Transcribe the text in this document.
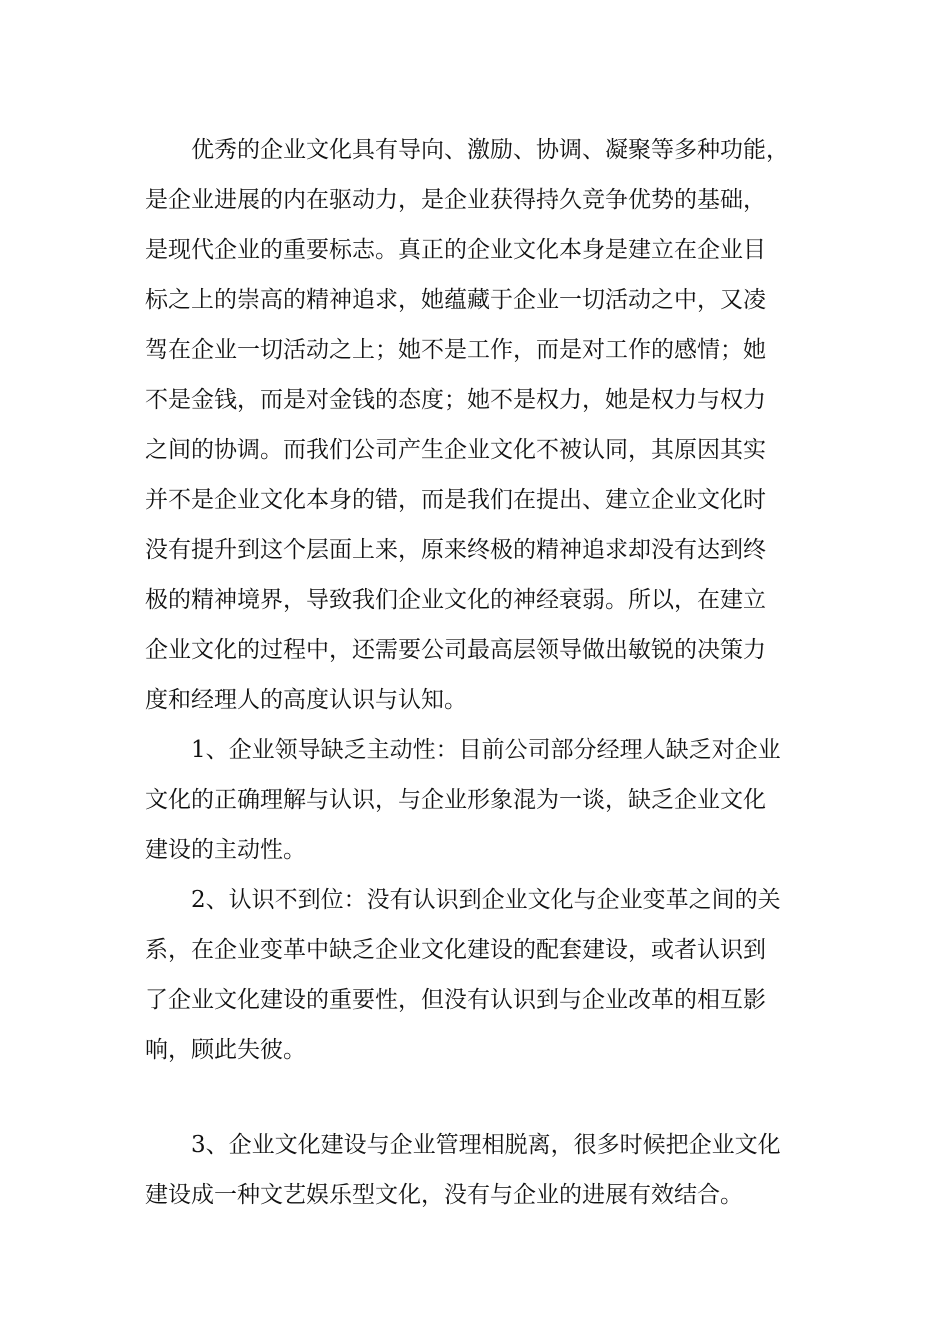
优秀的企业文化具有导向、激励、协调、凝聚等多种功能，
是企业进展的内在驱动力，是企业获得持久竞争优势的基础，
是现代企业的重要标志。真正的企业文化本身是建立在企业目
标之上的崇高的精神追求，她蕴藏于企业一切活动之中，又凌
驾在企业一切活动之上；她不是工作，而是对工作的感情；她
不是金钱，而是对金钱的态度；她不是权力，她是权力与权力
之间的协调。而我们公司产生企业文化不被认同，其原因其实
并不是企业文化本身的错，而是我们在提出、建立企业文化时
没有提升到这个层面上来，原来终极的精神追求却没有达到终
极的精神境界，导致我们企业文化的神经衰弱。所以，在建立
企业文化的过程中，还需要公司最高层领导做出敏锐的决策力
度和经理人的高度认识与认知。
1、企业领导缺乏主动性：目前公司部分经理人缺乏对企业
文化的正确理解与认识，与企业形象混为一谈，缺乏企业文化
建设的主动性。
2、认识不到位：没有认识到企业文化与企业变革之间的关
系，在企业变革中缺乏企业文化建设的配套建设，或者认识到
了企业文化建设的重要性，但没有认识到与企业改革的相互影
响，顾此失彼。
3、企业文化建设与企业管理相脱离，很多时候把企业文化
建设成一种文艺娱乐型文化，没有与企业的进展有效结合。
